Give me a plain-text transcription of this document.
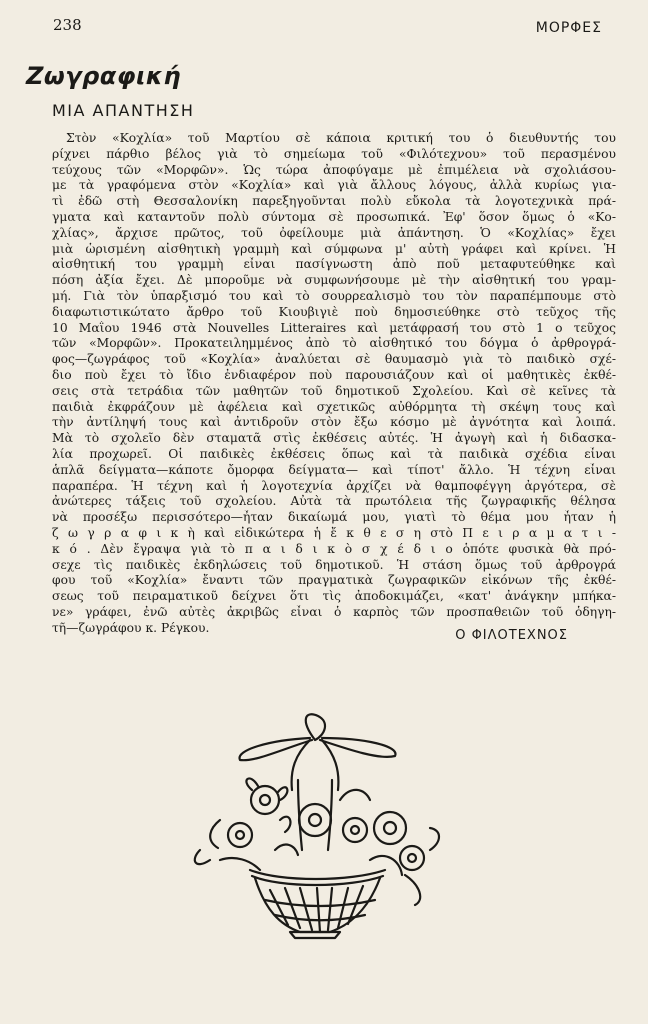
238	ΜΟΡΦΕΣ
Ζωγραφική
ΜΙΑ ΑΠΑΝΤΗΣΗ
Στὸν «Κοχλία» τοῦ Μαρτίου σὲ κάποια κριτική του ὁ διευθυντής του
ρίχνει πάρθιο βέλος γιὰ τὸ σημείωμα τοῦ «Φιλότεχνου» τοῦ περασμένου
τεύχους τῶν «Μορφῶν». Ὡς τώρα ἀποφύγαμε μὲ ἐπιμέλεια νὰ σχολιάσου-
με τὰ γραφόμενα στὸν «Κοχλία» καὶ γιὰ ἄλλους λόγους, ἀλλὰ κυρίως για-
τὶ ἐδῶ στὴ Θεσσαλονίκη παρεξηγοῦνται πολὺ εὔκολα τὰ λογοτεχνικὰ πρά-
γματα καὶ καταντοῦν πολὺ σύντομα σὲ προσωπικά. Ἐφ' ὅσον ὅμως ὁ «Κο-
χλίας», ἄρχισε πρῶτος, τοῦ ὀφείλουμε μιὰ ἀπάντηση. Ὁ «Κοχλίας» ἔχει
μιὰ ὡρισμένη αἰσθητικὴ γραμμὴ καὶ σύμφωνα μ' αὐτὴ γράφει καὶ κρίνει. Ἡ
αἰσθητική του γραμμὴ εἶναι πασίγνωστη ἀπὸ ποῦ μεταφυτεύθηκε καὶ
πόση ἀξία ἔχει. Δὲ μποροῦμε νὰ συμφωνήσουμε μὲ τὴν αἰσθητική του γραμ-
μή. Γιὰ τὸν ὑπαρξισμό του καὶ τὸ σουρρεαλισμὸ του τὸν παραπέμπουμε στὸ
διαφωτιστικώτατο ἄρθρο τοῦ Κιουβιγιὲ ποὺ δημοσιεύθηκε στὸ τεῦχος τῆς
10 Μαΐου 1946 στὰ Nouvelles Litteraires καὶ μετάφρασή του στὸ 1 ο τεῦχος
τῶν «Μορφῶν». Προκατειλημμένος ἀπὸ τὸ αἰσθητικό του δόγμα ὁ ἀρθρογρά-
φος—ζωγράφος τοῦ «Κοχλία» ἀναλύεται σὲ θαυμασμὸ γιὰ τὸ παιδικὸ σχέ-
διο ποὺ ἔχει τὸ ἴδιο ἐνδιαφέρον ποὺ παρουσιάζουν καὶ οἱ μαθητικὲς ἐκθέ-
σεις στὰ τετράδια τῶν μαθητῶν τοῦ δημοτικοῦ Σχολείου. Καὶ σὲ κεῖνες τὰ
παιδιὰ ἐκφράζουν μὲ ἀφέλεια καὶ σχετικῶς αὐθόρμητα τὴ σκέψη τους καὶ
τὴν ἀντίληψή τους καὶ ἀντιδροῦν στὸν ἔξω κόσμο μὲ ἀγνότητα καὶ λοιπά.
Μὰ τὸ σχολεῖο δὲν σταματᾶ στὶς ἐκθέσεις αὐτές. Ἡ ἀγωγὴ καὶ ἡ διδασκα-
λία προχωρεῖ. Οἱ παιδικὲς ἐκθέσεις ὅπως καὶ τὰ παιδικὰ σχέδια εἶναι
ἁπλᾶ δείγματα—κάποτε ὄμορφα δείγματα— καὶ τίποτ' ἄλλο. Ἡ τέχνη εἶναι
παραπέρα. Ἡ τέχνη καὶ ἡ λογοτεχνία ἀρχίζει νὰ θαμποφέγγη ἀργότερα, σὲ
ἀνώτερες τάξεις τοῦ σχολείου. Αὐτὰ τὰ πρωτόλεια τῆς ζωγραφικῆς θέλησα
νὰ προσέξω περισσότερο—ἦταν δικαίωμά μου, γιατὶ τὸ θέμα μου ἦταν ἡ
ζ ω γ ρ α φ ι κ ὴ καὶ εἰδικώτερα ἡ ἔ κ θ ε σ η στὸ Π ε ι ρ α μ α τ ι -
κ ό . Δὲν ἔγραψα γιὰ τὸ π α ι δ ι κ ὸ σ χ έ δ ι ο ὁπότε φυσικὰ θὰ πρό-
σεχε τὶς παιδικὲς ἐκδηλώσεις τοῦ δημοτικοῦ. Ἡ στάση ὅμως τοῦ ἀρθρογρά
φου τοῦ «Κοχλία» ἔναντι τῶν πραγματικὰ ζωγραφικῶν εἰκόνων τῆς ἐκθέ-
σεως τοῦ πειραματικοῦ δείχνει ὅτι τὶς ἀποδοκιμάζει, «κατ' ἀνάγκην μπήκα-
νε» γράφει, ἐνῶ αὐτὲς ἀκριβῶς εἶναι ὁ καρπὸς τῶν προσπαθειῶν τοῦ ὁδηγη-
τῆ—ζωγράφου κ. Ρέγκου.
Ο ΦΙΛΟΤΕΧΝΟΣ
